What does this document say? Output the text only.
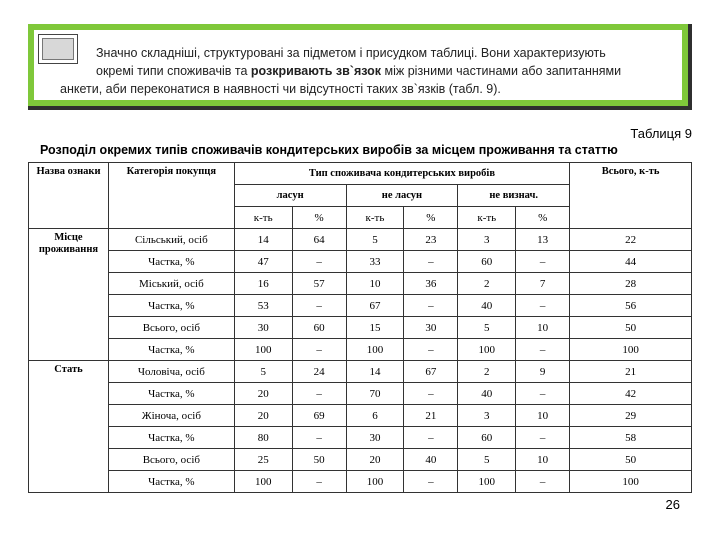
Значно складніші, структуровані за підметом і присудком таблиці. Вони характеризують
окремі типи споживачів та розкривають зв`язок між різними частинами або запитаннями
анкети, аби переконатися в наявності чи відсутності таких зв`язків (табл. 9).
Таблиця 9
Розподіл окремих типів споживачів кондитерських виробів за місцем проживання та статтю
Назва ознаки	Категорія покупця	Тип споживача кондитерських виробів						Всього, к-ть
		ласун		не ласун		не визнач.		
		к-ть	%	к-ть	%	к-ть	%	
Місце проживання	Сільський, осіб	14	64	5	23	3	13	22
	Частка, %	47	–	33	–	60	–	44
	Міський, осіб	16	57	10	36	2	7	28
	Частка, %	53	–	67	–	40	–	56
	Всього, осіб	30	60	15	30	5	10	50
	Частка, %	100	–	100	–	100	–	100
Стать	Чоловіча, осіб	5	24	14	67	2	9	21
	Частка, %	20	–	70	–	40	–	42
	Жіноча, осіб	20	69	6	21	3	10	29
	Частка, %	80	–	30	–	60	–	58
	Всього, осіб	25	50	20	40	5	10	50
	Частка, %	100	–	100	–	100	–	100
26
